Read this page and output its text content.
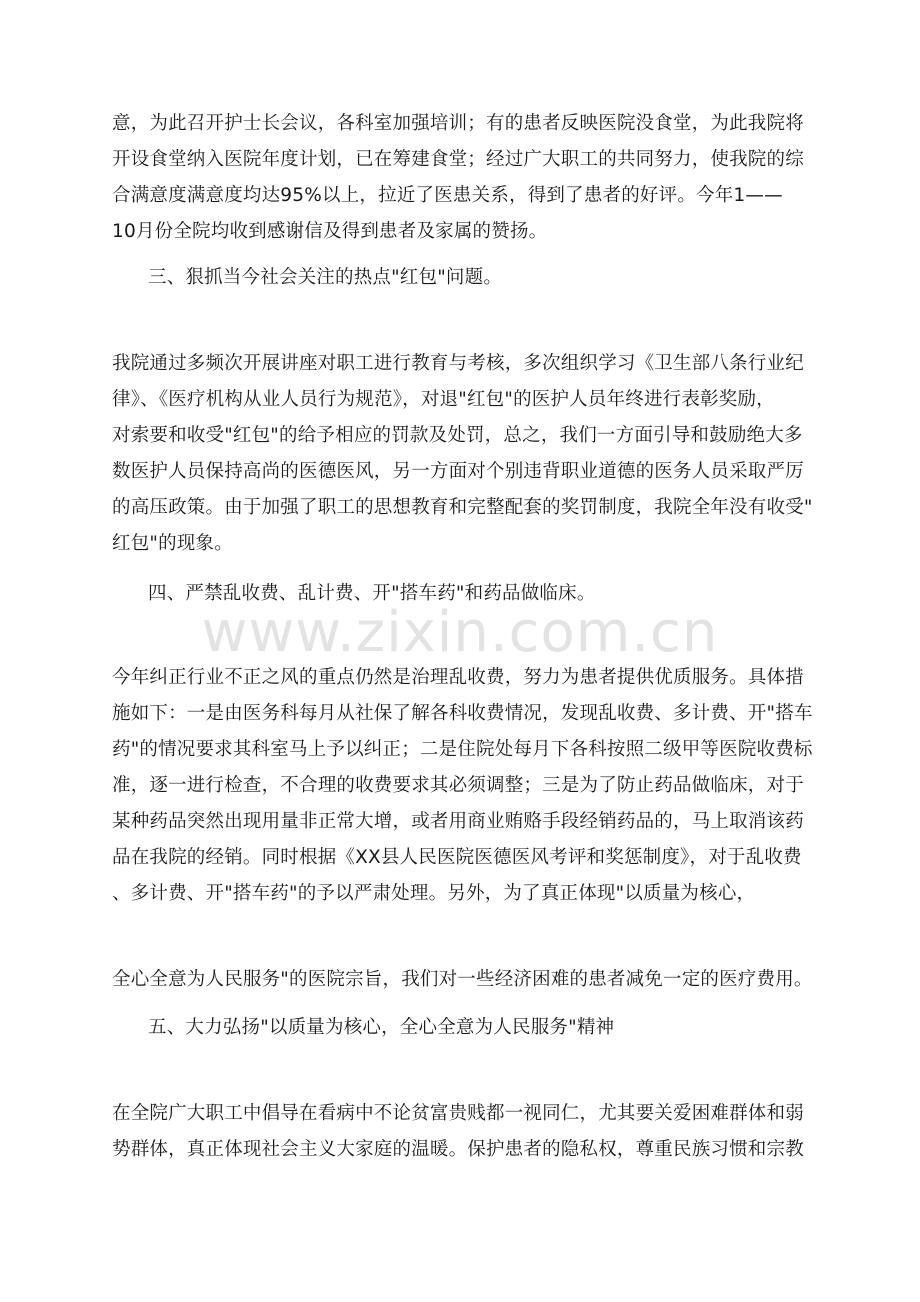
www.zixin.com.cn
意，为此召开护士长会议，各科室加强培训；有的患者反映医院没食堂，为此我院将
开设食堂纳入医院年度计划，已在筹建食堂；经过广大职工的共同努力，使我院的综
合满意度满意度均达95%以上，拉近了医患关系，得到了患者的好评。今年1——
10月份全院均收到感谢信及得到患者及家属的赞扬。
三、狠抓当今社会关注的热点"红包"问题。
我院通过多频次开展讲座对职工进行教育与考核，多次组织学习《卫生部八条行业纪
律》、《医疗机构从业人员行为规范》，对退"红包"的医护人员年终进行表彰奖励，
对索要和收受"红包"的给予相应的罚款及处罚，总之，我们一方面引导和鼓励绝大多
数医护人员保持高尚的医德医风，另一方面对个别违背职业道德的医务人员采取严厉
的高压政策。由于加强了职工的思想教育和完整配套的奖罚制度，我院全年没有收受"
红包"的现象。
四、严禁乱收费、乱计费、开"搭车药"和药品做临床。
今年纠正行业不正之风的重点仍然是治理乱收费，努力为患者提供优质服务。具体措
施如下：一是由医务科每月从社保了解各科收费情况，发现乱收费、多计费、开"搭车
药"的情况要求其科室马上予以纠正；二是住院处每月下各科按照二级甲等医院收费标
准，逐一进行检查，不合理的收费要求其必须调整；三是为了防止药品做临床，对于
某种药品突然出现用量非正常大增，或者用商业贿赂手段经销药品的，马上取消该药
品在我院的经销。同时根据《XX县人民医院医德医风考评和奖惩制度》，对于乱收费
、多计费、开"搭车药"的予以严肃处理。另外，为了真正体现"以质量为核心，
全心全意为人民服务"的医院宗旨，我们对一些经济困难的患者减免一定的医疗费用。
五、大力弘扬"以质量为核心，全心全意为人民服务"精神
在全院广大职工中倡导在看病中不论贫富贵贱都一视同仁，尤其要关爱困难群体和弱
势群体，真正体现社会主义大家庭的温暖。保护患者的隐私权，尊重民族习惯和宗教
